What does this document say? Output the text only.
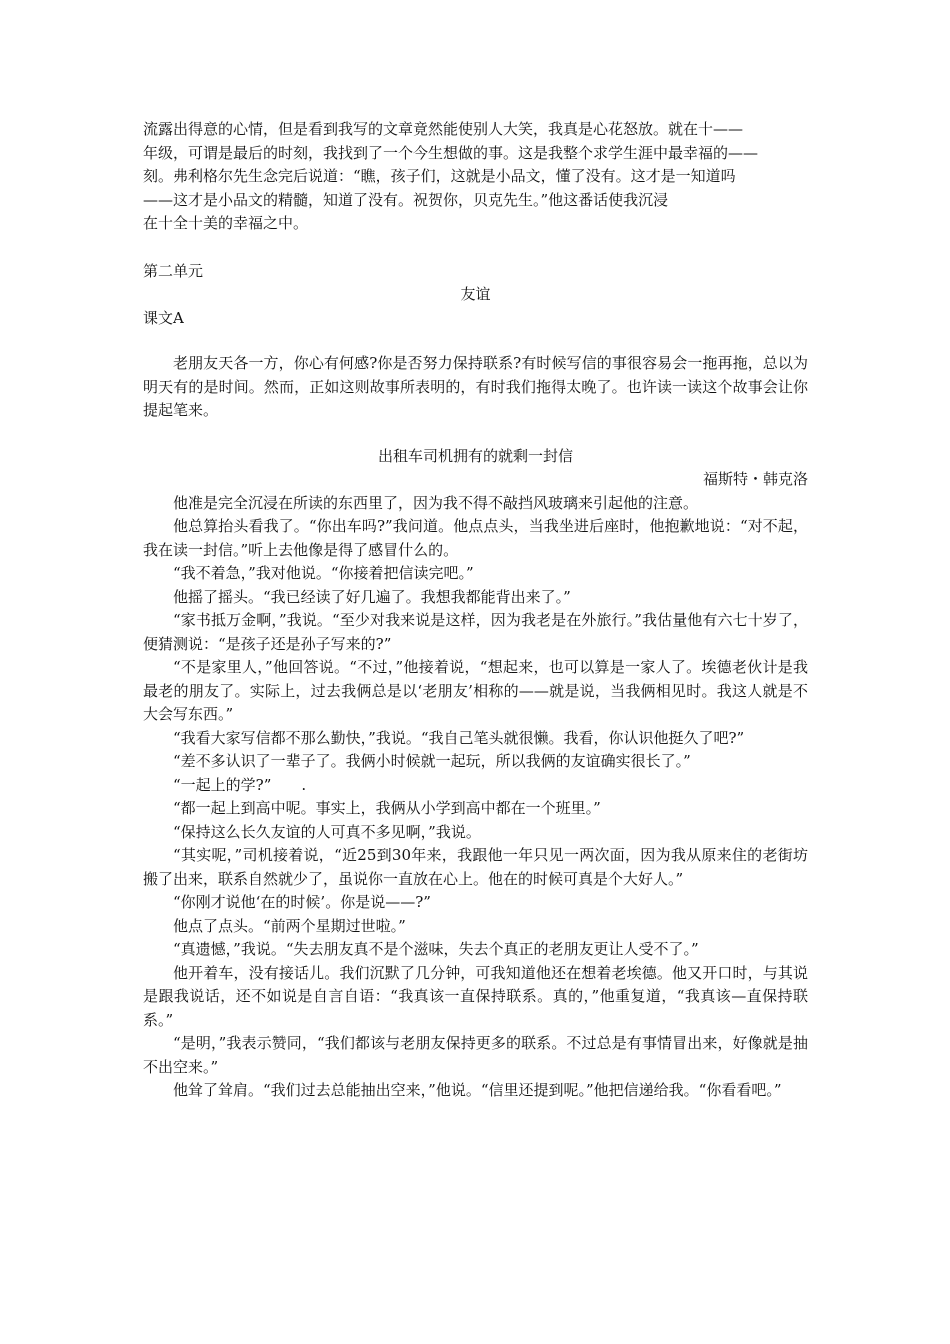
流露出得意的心情，但是看到我写的文章竟然能使别人大笑，我真是心花怒放。就在十——
年级，可谓是最后的时刻，我找到了一个今生想做的事。这是我整个求学生涯中最幸福的——
刻。弗利格尔先生念完后说道：“瞧，孩子们，这就是小品文，懂了没有。这才是一知道吗
——这才是小品文的精髓，知道了没有。祝贺你，贝克先生。”他这番话使我沉浸
在十全十美的幸福之中。
第二单元
友谊
课文A
老朋友天各一方，你心有何感?你是否努力保持联系?有时候写信的事很容易会一拖再拖，总以为明天有的是时间。然而，正如这则故事所表明的，有时我们拖得太晚了。也许读一读这个故事会让你提起笔来。
出租车司机拥有的就剩一封信
福斯特・韩克洛
他准是完全沉浸在所读的东西里了，因为我不得不敲挡风玻璃来引起他的注意。
他总算抬头看我了。“你出车吗?”我问道。他点点头，当我坐进后座时，他抱歉地说：“对不起，我在读一封信。”听上去他像是得了感冒什么的。
“我不着急，”我对他说。“你接着把信读完吧。”
他摇了摇头。“我已经读了好几遍了。我想我都能背出来了。”
“家书抵万金啊，”我说。“至少对我来说是这样，因为我老是在外旅行。”我估量他有六七十岁了，便猜测说：“是孩子还是孙子写来的?”
“不是家里人，”他回答说。“不过，”他接着说，“想起来，也可以算是一家人了。埃德老伙计是我最老的朋友了。实际上，过去我俩总是以‘老朋友’相称的——就是说，当我俩相见时。我这人就是不大会写东西。”
“我看大家写信都不那么勤快，”我说。“我自己笔头就很懒。我看，你认识他挺久了吧?”
“差不多认识了一辈子了。我俩小时候就一起玩，所以我俩的友谊确实很长了。”
“一起上的学?”　　.
“都一起上到高中呢。事实上，我俩从小学到高中都在一个班里。”
“保持这么长久友谊的人可真不多见啊，”我说。
“其实呢，”司机接着说，“近25到30年来，我跟他一年只见一两次面，因为我从原来住的老街坊搬了出来，联系自然就少了，虽说你一直放在心上。他在的时候可真是个大好人。”
“你刚才说他‘在的时候’。你是说——?”
他点了点头。“前两个星期过世啦。”
“真遗憾，”我说。“失去朋友真不是个滋味，失去个真正的老朋友更让人受不了。”
他开着车，没有接话儿。我们沉默了几分钟，可我知道他还在想着老埃德。他又开口时，与其说是跟我说话，还不如说是自言自语：“我真该一直保持联系。真的，”他重复道，“我真该—直保持联系。”
“是明，”我表示赞同，“我们都该与老朋友保持更多的联系。不过总是有事情冒出来，好像就是抽不出空来。”
他耸了耸肩。“我们过去总能抽出空来，”他说。“信里还提到呢。”他把信递给我。“你看看吧。”
